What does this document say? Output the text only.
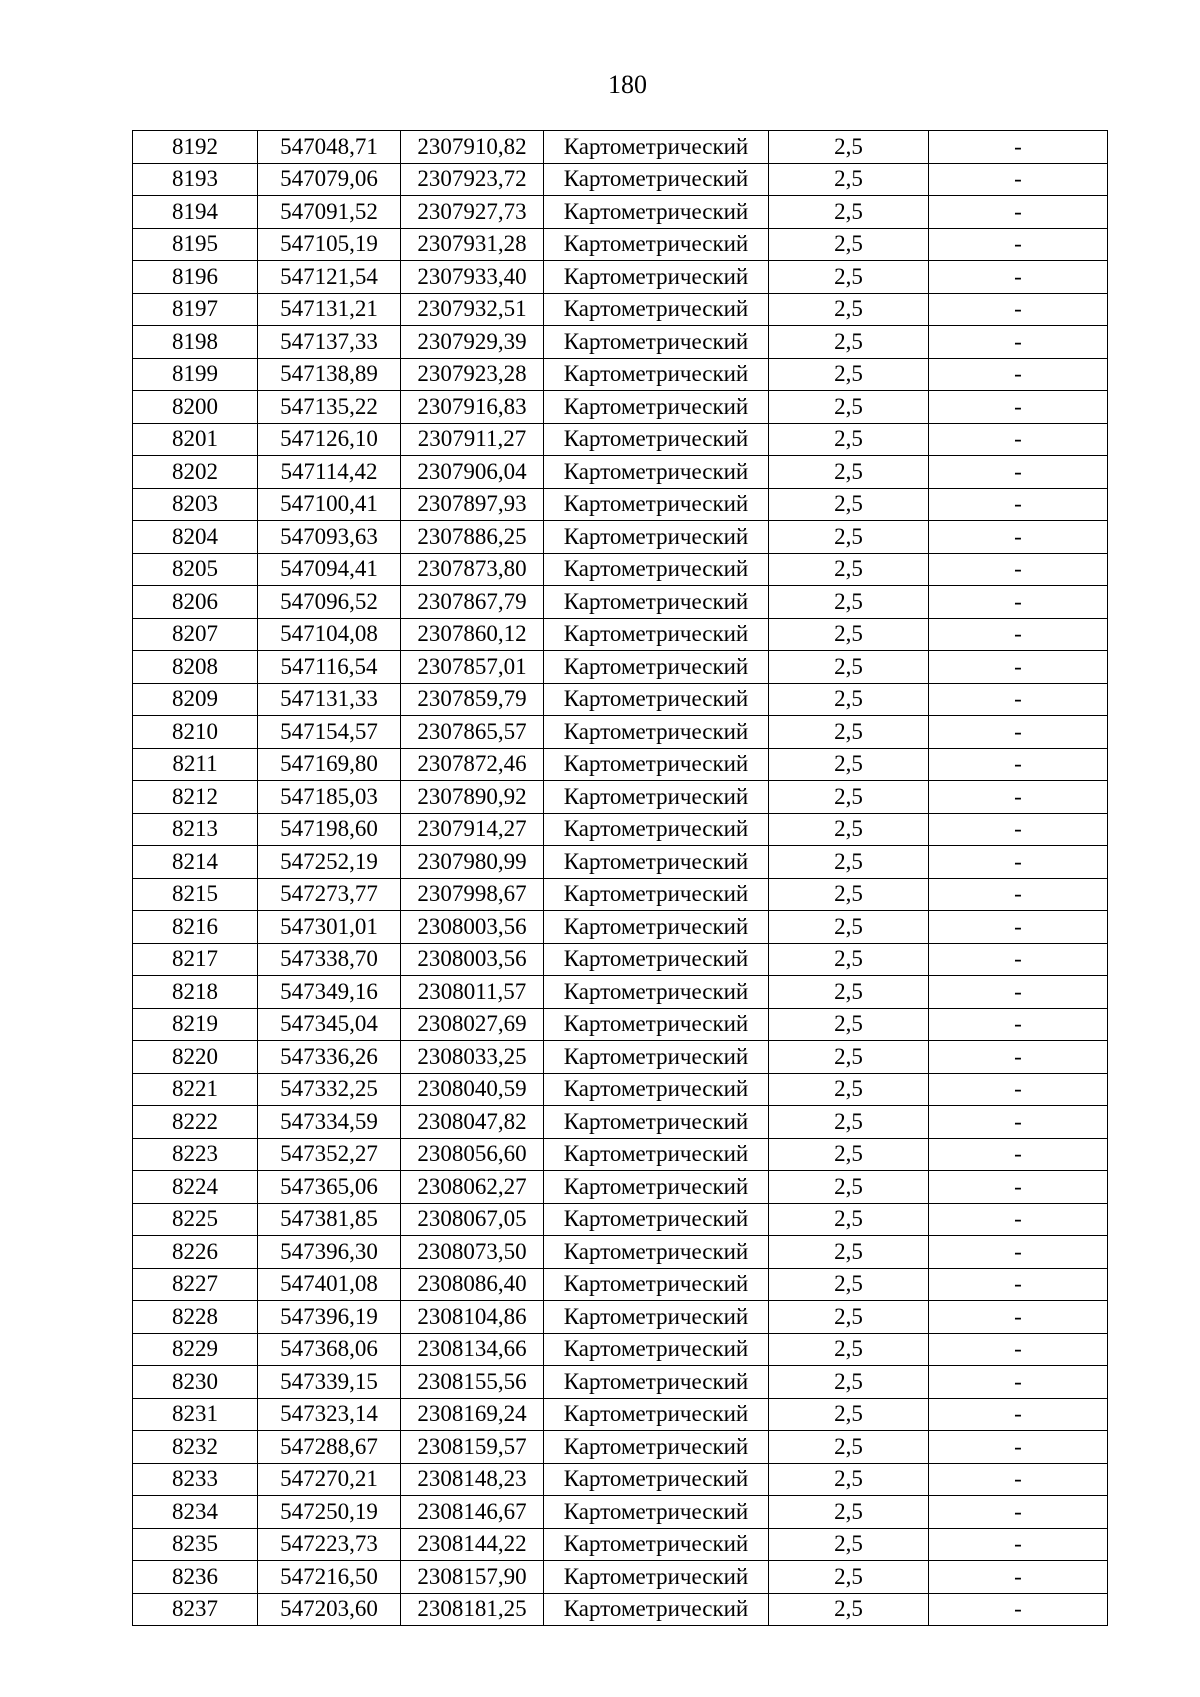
180
8192	547048,71	2307910,82	Картометрический	2,5	-
8193	547079,06	2307923,72	Картометрический	2,5	-
8194	547091,52	2307927,73	Картометрический	2,5	-
8195	547105,19	2307931,28	Картометрический	2,5	-
8196	547121,54	2307933,40	Картометрический	2,5	-
8197	547131,21	2307932,51	Картометрический	2,5	-
8198	547137,33	2307929,39	Картометрический	2,5	-
8199	547138,89	2307923,28	Картометрический	2,5	-
8200	547135,22	2307916,83	Картометрический	2,5	-
8201	547126,10	2307911,27	Картометрический	2,5	-
8202	547114,42	2307906,04	Картометрический	2,5	-
8203	547100,41	2307897,93	Картометрический	2,5	-
8204	547093,63	2307886,25	Картометрический	2,5	-
8205	547094,41	2307873,80	Картометрический	2,5	-
8206	547096,52	2307867,79	Картометрический	2,5	-
8207	547104,08	2307860,12	Картометрический	2,5	-
8208	547116,54	2307857,01	Картометрический	2,5	-
8209	547131,33	2307859,79	Картометрический	2,5	-
8210	547154,57	2307865,57	Картометрический	2,5	-
8211	547169,80	2307872,46	Картометрический	2,5	-
8212	547185,03	2307890,92	Картометрический	2,5	-
8213	547198,60	2307914,27	Картометрический	2,5	-
8214	547252,19	2307980,99	Картометрический	2,5	-
8215	547273,77	2307998,67	Картометрический	2,5	-
8216	547301,01	2308003,56	Картометрический	2,5	-
8217	547338,70	2308003,56	Картометрический	2,5	-
8218	547349,16	2308011,57	Картометрический	2,5	-
8219	547345,04	2308027,69	Картометрический	2,5	-
8220	547336,26	2308033,25	Картометрический	2,5	-
8221	547332,25	2308040,59	Картометрический	2,5	-
8222	547334,59	2308047,82	Картометрический	2,5	-
8223	547352,27	2308056,60	Картометрический	2,5	-
8224	547365,06	2308062,27	Картометрический	2,5	-
8225	547381,85	2308067,05	Картометрический	2,5	-
8226	547396,30	2308073,50	Картометрический	2,5	-
8227	547401,08	2308086,40	Картометрический	2,5	-
8228	547396,19	2308104,86	Картометрический	2,5	-
8229	547368,06	2308134,66	Картометрический	2,5	-
8230	547339,15	2308155,56	Картометрический	2,5	-
8231	547323,14	2308169,24	Картометрический	2,5	-
8232	547288,67	2308159,57	Картометрический	2,5	-
8233	547270,21	2308148,23	Картометрический	2,5	-
8234	547250,19	2308146,67	Картометрический	2,5	-
8235	547223,73	2308144,22	Картометрический	2,5	-
8236	547216,50	2308157,90	Картометрический	2,5	-
8237	547203,60	2308181,25	Картометрический	2,5	-
